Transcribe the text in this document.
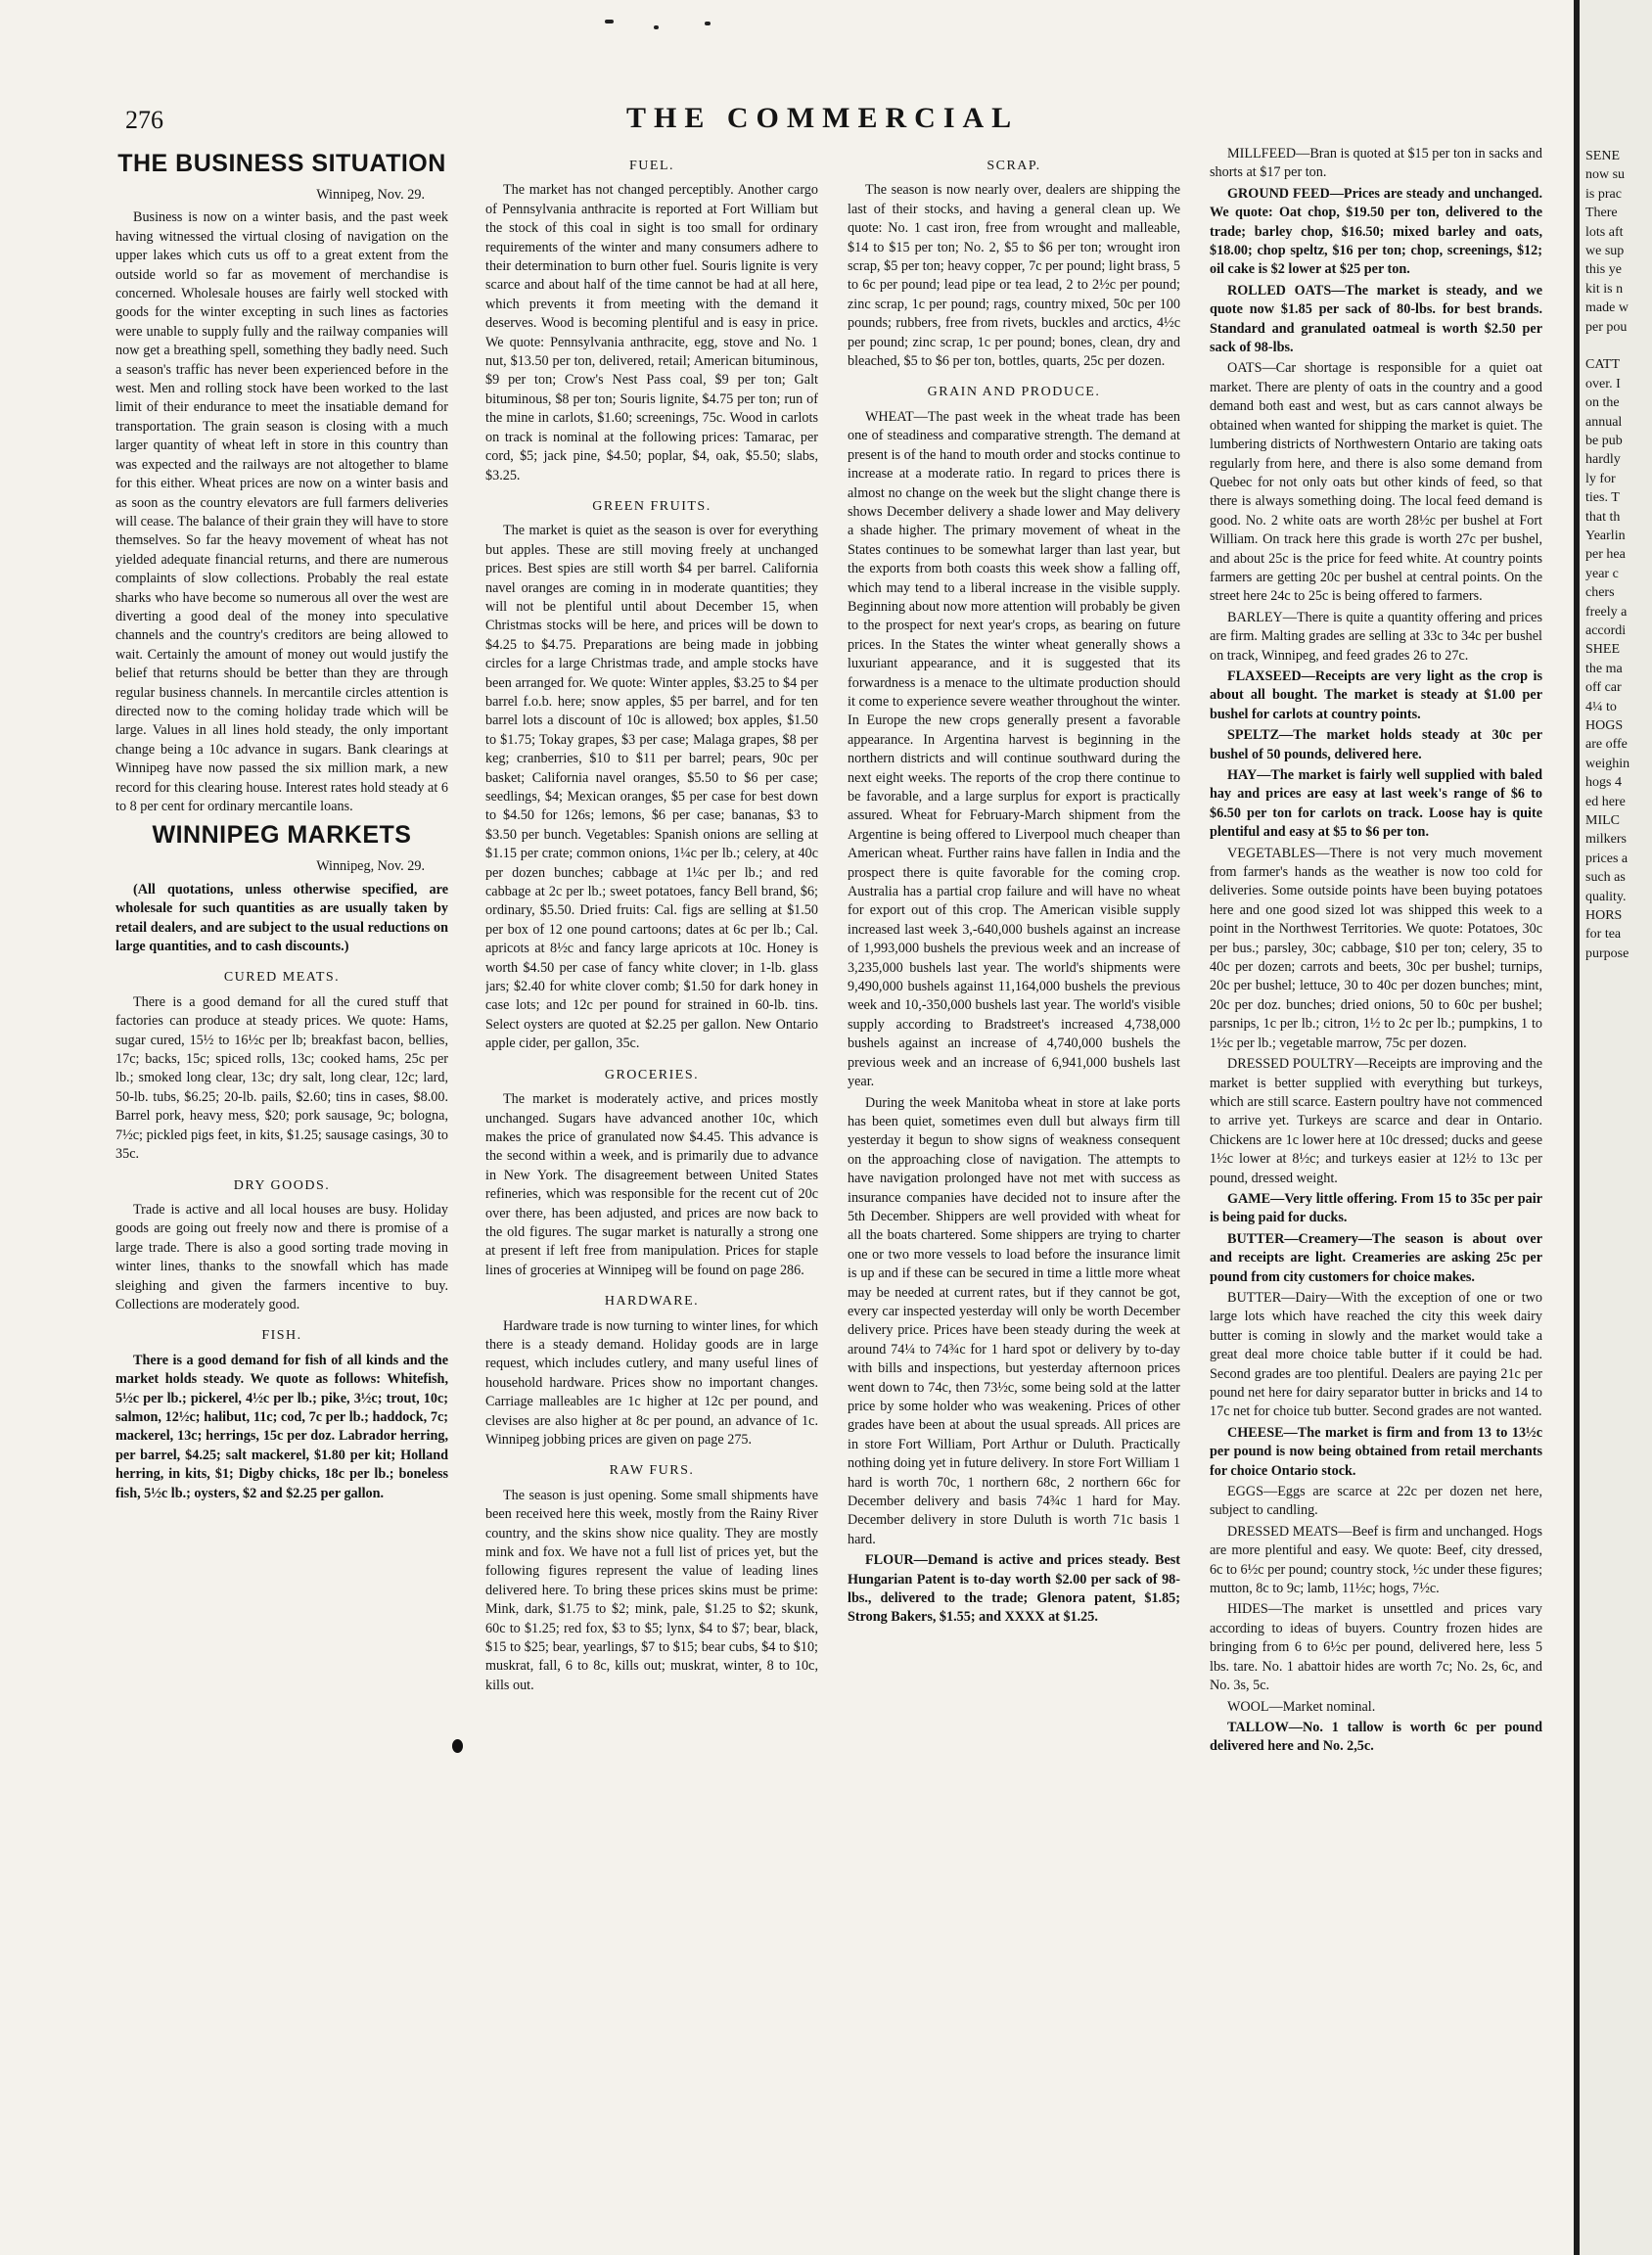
276	THE COMMERCIAL
THE BUSINESS SITUATION
Winnipeg, Nov. 29.

Business is now on a winter basis, and the past week having witnessed the virtual closing of navigation on the upper lakes which cuts us off to a great extent from the outside world so far as movement of merchandise is concerned. Wholesale houses are fairly well stocked with goods for the winter excepting in such lines as factories were unable to supply fully and the railway companies will now get a breathing spell, something they badly need. Such a season's traffic has never been experienced before in the west. Men and rolling stock have been worked to the last limit of their endurance to meet the insatiable demand for transportation. The grain season is closing with a much larger quantity of wheat left in store in this country than was expected and the railways are not altogether to blame for this either. Wheat prices are now on a winter basis and as soon as the country elevators are full farmers deliveries will cease. The balance of their grain they will have to store themselves. So far the heavy movement of wheat has not yielded adequate financial returns, and there are numerous complaints of slow collections. Probably the real estate sharks who have become so numerous all over the west are diverting a good deal of the money into speculative channels and the country's creditors are being allowed to wait. Certainly the amount of money out would justify the belief that returns should be better than they are through regular business channels. In mercantile circles attention is directed now to the coming holiday trade which will be large. Values in all lines hold steady, the only important change being a 10c advance in sugars. Bank clearings at Winnipeg have now passed the six million mark, a new record for this clearing house. Interest rates hold steady at 6 to 8 per cent for ordinary mercantile loans.

WINNIPEG MARKETS
Winnipeg, Nov. 29.

(All quotations, unless otherwise specified, are wholesale for such quantities as are usually taken by retail dealers, and are subject to the usual reductions on large quantities, and to cash discounts.)

CURED MEATS.

There is a good demand for all the cured stuff that factories can produce at steady prices. We quote: Hams, sugar cured, 15½ to 16½c per lb; breakfast bacon, bellies, 17c; backs, 15c; spiced rolls, 13c; cooked hams, 25c per lb.; smoked long clear, 13c; dry salt, long clear, 12c; lard, 50-lb. tubs, $6.25; 20-lb. pails, $2.60; tins in cases, $8.00. Barrel pork, heavy mess, $20; pork sausage, 9c; bologna, 7½c; pickled pigs feet, in kits, $1.25; sausage casings, 30 to 35c.

DRY GOODS.

Trade is active and all local houses are busy. Holiday goods are going out freely now and there is promise of a large trade. There is also a good sorting trade moving in winter lines, thanks to the snowfall which has made sleighing and given the farmers incentive to buy. Collections are moderately good.

FISH.

There is a good demand for fish of all kinds and the market holds steady. We quote as follows: Whitefish, 5½c per lb.; pickerel, 4½c per lb.; pike, 3½c; trout, 10c; salmon, 12½c; halibut, 11c; cod, 7c per lb.; haddock, 7c; mackerel, 13c; herrings, 15c per doz. Labrador herring, per barrel, $4.25; salt mackerel, $1.80 per kit; Holland herring, in kits, $1; Digby chicks, 18c per lb.; boneless fish, 5½c lb.; oysters, $2 and $2.25 per gallon.

FUEL.

The market has not changed perceptibly. Another cargo of Pennsylvania anthracite is reported at Fort William but the stock of this coal in sight is too small for ordinary requirements of the winter and many consumers adhere to their determination to burn other fuel. Souris lignite is very scarce and about half of the time cannot be had at all here, which prevents it from meeting with the demand it deserves. Wood is becoming plentiful and is easy in price. We quote: Pennsylvania anthracite, egg, stove and No. 1 nut, $13.50 per ton, delivered, retail; American bituminous, $9 per ton; Crow's Nest Pass coal, $9 per ton; Galt bituminous, $8 per ton; Souris lignite, $4.75 per ton; run of the mine in carlots, $1.60; screenings, 75c. Wood in carlots on track is nominal at the following prices: Tamarac, per cord, $5; jack pine, $4.50; poplar, $4, oak, $5.50; slabs, $3.25.

GREEN FRUITS.

The market is quiet as the season is over for everything but apples. These are still moving freely at unchanged prices. Best spies are still worth $4 per barrel. California navel oranges are coming in in moderate quantities; they will not be plentiful until about December 15, when Christmas stocks will be here, and prices will be down to $4.25 to $4.75. Preparations are being made in jobbing circles for a large Christmas trade, and ample stocks have been arranged for. We quote: Winter apples, $3.25 to $4 per barrel f.o.b. here; snow apples, $5 per barrel, and for ten barrel lots a discount of 10c is allowed; box apples, $1.50 to $1.75; Tokay grapes, $3 per case; Malaga grapes, $8 per keg; cranberries, $10 to $11 per barrel; pears, 90c per basket; California navel oranges, $5.50 to $6 per case; seedlings, $4; Mexican oranges, $5 per case for best down to $4.50 for 126s; lemons, $6 per case; bananas, $3 to $3.50 per bunch. Vegetables: Spanish onions are selling at $1.15 per crate; common onions, 1¼c per lb.; celery, at 40c per dozen bunches; cabbage at 1¼c per lb.; and red cabbage at 2c per lb.; sweet potatoes, fancy Bell brand, $6; ordinary, $5.50. Dried fruits: Cal. figs are selling at $1.50 per box of 12 one pound cartoons; dates at 6c per lb.; Cal. apricots at 8½c and fancy large apricots at 10c. Honey is worth $4.50 per case of fancy white clover; in 1-lb. glass jars; $2.40 for white clover comb; $1.50 for dark honey in case lots; and 12c per pound for strained in 60-lb. tins. Select oysters are quoted at $2.25 per gallon. New Ontario apple cider, per gallon, 35c.

GROCERIES.

The market is moderately active, and prices mostly unchanged. Sugars have advanced another 10c, which makes the price of granulated now $4.45. This advance is the second within a week, and is primarily due to advance in New York. The disagreement between United States refineries, which was responsible for the recent cut of 20c over there, has been adjusted, and prices are now back to the old figures. The sugar market is naturally a strong one at present if left free from manipulation. Prices for staple lines of groceries at Winnipeg will be found on page 286.

HARDWARE.

Hardware trade is now turning to winter lines, for which there is a steady demand. Holiday goods are in large request, which includes cutlery, and many useful lines of household hardware. Prices show no important changes. Carriage malleables are 1c higher at 12c per pound, and clevises are also higher at 8c per pound, an advance of 1c. Winnipeg jobbing prices are given on page 275.

RAW FURS.

The season is just opening. Some small shipments have been received here this week, mostly from the Rainy River country, and the skins show nice quality. They are mostly mink and fox. We have not a full list of prices yet, but the following figures represent the value of leading lines delivered here. To bring these prices skins must be prime: Mink, dark, $1.75 to $2; mink, pale, $1.25 to $2; skunk, 60c to $1.25; red fox, $3 to $5; lynx, $4 to $7; bear, black, $15 to $25; bear, yearlings, $7 to $15; bear cubs, $4 to $10; muskrat, fall, 6 to 8c, kills out; muskrat, winter, 8 to 10c, kills out.

SCRAP.

The season is now nearly over, dealers are shipping the last of their stocks, and having a general clean up. We quote: No. 1 cast iron, free from wrought and malleable, $14 to $15 per ton; No. 2, $5 to $6 per ton; wrought iron scrap, $5 per ton; heavy copper, 7c per pound; light brass, 5 to 6c per pound; lead pipe or tea lead, 2 to 2½c per pound; zinc scrap, 1c per pound; rags, country mixed, 50c per 100 pounds; rubbers, free from rivets, buckles and arctics, 4½c per pound; zinc scrap, 1c per pound; bones, clean, dry and bleached, $5 to $6 per ton, bottles, quarts, 25c per dozen.

GRAIN AND PRODUCE.

WHEAT—The past week in the wheat trade has been one of steadiness and comparative strength. The demand at present is of the hand to mouth order and stocks continue to increase at a moderate ratio. In regard to prices there is almost no change on the week but the slight change there is shows December delivery a shade lower and May delivery a shade higher. The primary movement of wheat in the States continues to be somewhat larger than last year, but the exports from both coasts this week show a falling off, which may tend to a liberal increase in the visible supply. Beginning about now more attention will probably be given to the prospect for next year's crops, as bearing on future prices. In the States the winter wheat generally shows a luxuriant appearance, and it is suggested that its forwardness is a menace to the ultimate production should it come to experience severe weather throughout the winter. In Europe the new crops generally present a favorable appearance. In Argentina harvest is beginning in the northern districts and will continue southward during the next eight weeks. The reports of the crop there continue to be favorable, and a large surplus for export is practically assured. Wheat for February-March shipment from the Argentine is being offered to Liverpool much cheaper than American wheat. Further rains have fallen in India and the prospect there is quite favorable for the coming crop. Australia has a partial crop failure and will have no wheat for export out of this crop. The American visible supply increased last week 3,-640,000 bushels against an increase of 1,993,000 bushels the previous week and an increase of 3,235,000 bushels last year. The world's shipments were 9,490,000 bushels against 11,164,000 bushels the previous week and 10,-350,000 bushels last year. The world's visible supply according to Bradstreet's increased 4,738,000 bushels against an increase of 4,740,000 bushels the previous week and an increase of 6,941,000 bushels last year.

During the week Manitoba wheat in store at lake ports has been quiet, sometimes even dull but always firm till yesterday it begun to show signs of weakness consequent on the approaching close of navigation. The attempts to have navigation prolonged have not met with success as insurance companies have decided not to insure after the 5th December. Shippers are well provided with wheat for all the boats chartered. Some shippers are trying to charter one or two more vessels to load before the insurance limit is up and if these can be secured in time a little more wheat may be needed at current rates, but if they cannot be got, every car inspected yesterday will only be worth December delivery price. Prices have been steady during the week at around 74¼ to 74¾c for 1 hard spot or delivery by to-day with bills and inspections, but yesterday afternoon prices went down to 74c, then 73½c, some being sold at the latter price by some holder who was weakening. Prices of other grades have been at about the usual spreads. All prices are in store Fort William, Port Arthur or Duluth. Practically nothing doing yet in future delivery. In store Fort William 1 hard is worth 70c, 1 northern 68c, 2 northern 66c for December delivery and basis 74¾c 1 hard for May. December delivery in store Duluth is worth 71c basis 1 hard.

FLOUR—Demand is active and prices steady. Best Hungarian Patent is to-day worth $2.00 per sack of 98-lbs., delivered to the trade; Glenora patent, $1.85; Strong Bakers, $1.55; and XXXX at $1.25.

MILLFEED—Bran is quoted at $15 per ton in sacks and shorts at $17 per ton.

GROUND FEED—Prices are steady and unchanged. We quote: Oat chop, $19.50 per ton, delivered to the trade; barley chop, $16.50; mixed barley and oats, $18.00; chop speltz, $16 per ton; chop, screenings, $12; oil cake is $2 lower at $25 per ton.

ROLLED OATS—The market is steady, and we quote now $1.85 per sack of 80-lbs. for best brands. Standard and granulated oatmeal is worth $2.50 per sack of 98-lbs.

OATS—Car shortage is responsible for a quiet oat market. There are plenty of oats in the country and a good demand both east and west, but as cars cannot always be obtained when wanted for shipping the market is quiet. The lumbering districts of Northwestern Ontario are taking oats regularly from here, and there is also some demand from Quebec for not only oats but other kinds of feed, so that there is always something doing. The local feed demand is good. No. 2 white oats are worth 28½c per bushel at Fort William. On track here this grade is worth 27c per bushel, and about 25c is the price for feed white. At country points farmers are getting 20c per bushel at central points. On the street here 24c to 25c is being offered to farmers.

BARLEY—There is quite a quantity offering and prices are firm. Malting grades are selling at 33c to 34c per bushel on track, Winnipeg, and feed grades 26 to 27c.

FLAXSEED—Receipts are very light as the crop is about all bought. The market is steady at $1.00 per bushel for carlots at country points.

SPELTZ—The market holds steady at 30c per bushel of 50 pounds, delivered here.

HAY—The market is fairly well supplied with baled hay and prices are easy at last week's range of $6 to $6.50 per ton for carlots on track. Loose hay is quite plentiful and easy at $5 to $6 per ton.

VEGETABLES—There is not very much movement from farmer's hands as the weather is now too cold for deliveries. Some outside points have been buying potatoes here and one good sized lot was shipped this week to a point in the Northwest Territories. We quote: Potatoes, 30c per bus.; parsley, 30c; cabbage, $10 per ton; celery, 35 to 40c per dozen; carrots and beets, 30c per bushel; turnips, 20c per bushel; lettuce, 30 to 40c per dozen bunches; mint, 20c per doz. bunches; dried onions, 50 to 60c per bushel; parsnips, 1c per lb.; citron, 1½ to 2c per lb.; pumpkins, 1 to 1½c per lb.; vegetable marrow, 75c per dozen.

DRESSED POULTRY—Receipts are improving and the market is better supplied with everything but turkeys, which are still scarce. Eastern poultry have not commenced to arrive yet. Turkeys are scarce and dear in Ontario. Chickens are 1c lower here at 10c dressed; ducks and geese 1½c lower at 8½c; and turkeys easier at 12½ to 13c per pound, dressed weight.

GAME—Very little offering. From 15 to 35c per pair is being paid for ducks.

BUTTER—Creamery—The season is about over and receipts are light. Creameries are asking 25c per pound from city customers for choice makes.

BUTTER—Dairy—With the exception of one or two large lots which have reached the city this week dairy butter is coming in slowly and the market would take a great deal more choice table butter if it could be had. Second grades are too plentiful. Dealers are paying 21c per pound net here for dairy separator butter in bricks and 14 to 17c net for choice tub butter. Second grades are not wanted.

CHEESE—The market is firm and from 13 to 13½c per pound is now being obtained from retail merchants for choice Ontario stock.

EGGS—Eggs are scarce at 22c per dozen net here, subject to candling.

DRESSED MEATS—Beef is firm and unchanged. Hogs are more plentiful and easy. We quote: Beef, city dressed, 6c to 6½c per pound; country stock, ½c under these figures; mutton, 8c to 9c; lamb, 11½c; hogs, 7½c.

HIDES—The market is unsettled and prices vary according to ideas of buyers. Country frozen hides are bringing from 6 to 6½c per pound, delivered here, less 5 lbs. tare. No. 1 abattoir hides are worth 7c; No. 2s, 6c, and No. 3s, 5c.

WOOL—Market nominal.

TALLOW—No. 1 tallow is worth 6c per pound delivered here and No. 2,5c.

SENE
now su
is prac
There
lots aft
we sup
this ye
kit is n
made w
per pou
CATT
over. I
on the
annual
be pub
hardly
ly for
ties. T
that th
Yearlin
per hea
year c
chers
freely a
accordi
SHEE
the ma
off car
4¼ to
HOGS
are offe
weighin
hogs 4
ed here
MILC
milkers
prices a
such as
quality.
HORS
for tea
purpose
